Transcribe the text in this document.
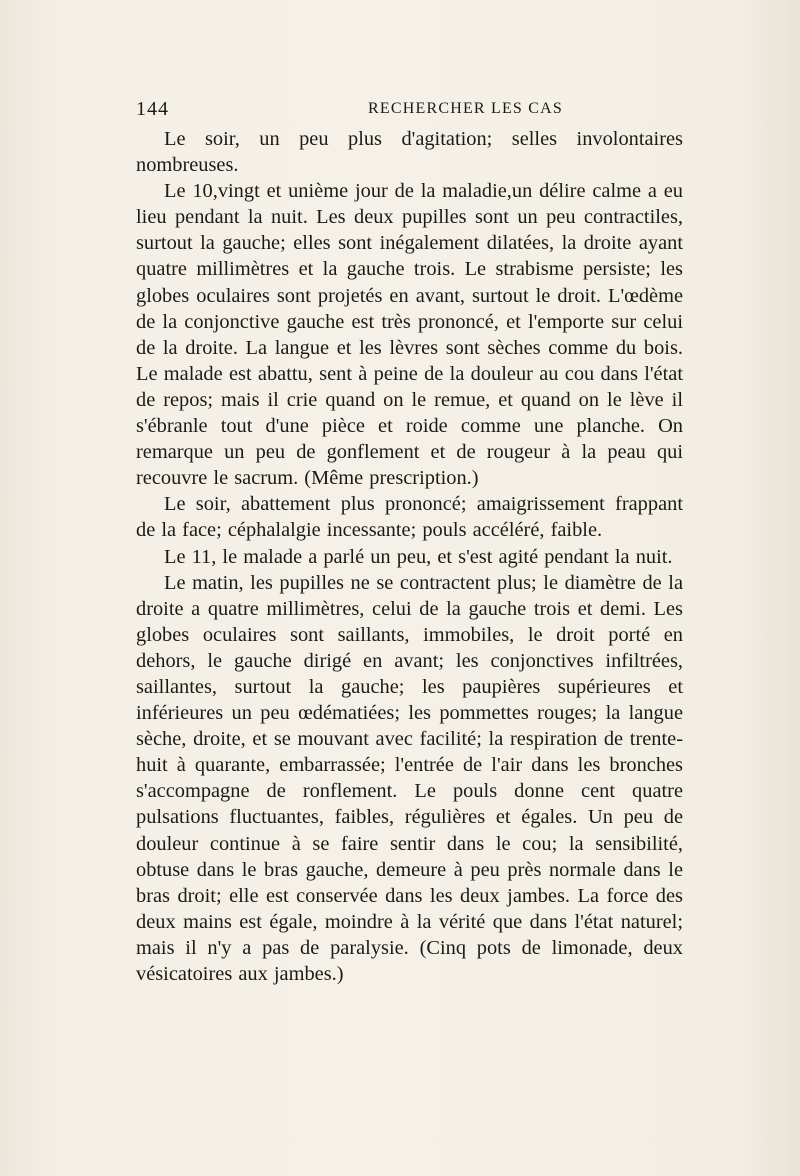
144	RECHERCHER LES CAS

Le soir, un peu plus d'agitation; selles involontaires nombreuses.

Le 10,vingt et unième jour de la maladie,un délire calme a eu lieu pendant la nuit. Les deux pupilles sont un peu contractiles, surtout la gauche; elles sont inégalement dilatées, la droite ayant quatre millimètres et la gauche trois. Le strabisme persiste; les globes oculaires sont projetés en avant, surtout le droit. L'œdème de la conjonctive gauche est très prononcé, et l'emporte sur celui de la droite. La langue et les lèvres sont sèches comme du bois. Le malade est abattu, sent à peine de la douleur au cou dans l'état de repos; mais il crie quand on le remue, et quand on le lève il s'ébranle tout d'une pièce et roide comme une planche. On remarque un peu de gonflement et de rougeur à la peau qui recouvre le sacrum. (Même prescription.)

Le soir, abattement plus prononcé; amaigrissement frappant de la face; céphalalgie incessante; pouls accéléré, faible.

Le 11, le malade a parlé un peu, et s'est agité pendant la nuit.

Le matin, les pupilles ne se contractent plus; le diamètre de la droite a quatre millimètres, celui de la gauche trois et demi. Les globes oculaires sont saillants, immobiles, le droit porté en dehors, le gauche dirigé en avant; les conjonctives infiltrées, saillantes, surtout la gauche; les paupières supérieures et inférieures un peu œdématiées; les pommettes rouges; la langue sèche, droite, et se mouvant avec facilité; la respiration de trente-huit à quarante, embarrassée; l'entrée de l'air dans les bronches s'accompagne de ronflement. Le pouls donne cent quatre pulsations fluctuantes, faibles, régulières et égales. Un peu de douleur continue à se faire sentir dans le cou; la sensibilité, obtuse dans le bras gauche, demeure à peu près normale dans le bras droit; elle est conservée dans les deux jambes. La force des deux mains est égale, moindre à la vérité que dans l'état naturel; mais il n'y a pas de paralysie. (Cinq pots de limonade, deux vésicatoires aux jambes.)
